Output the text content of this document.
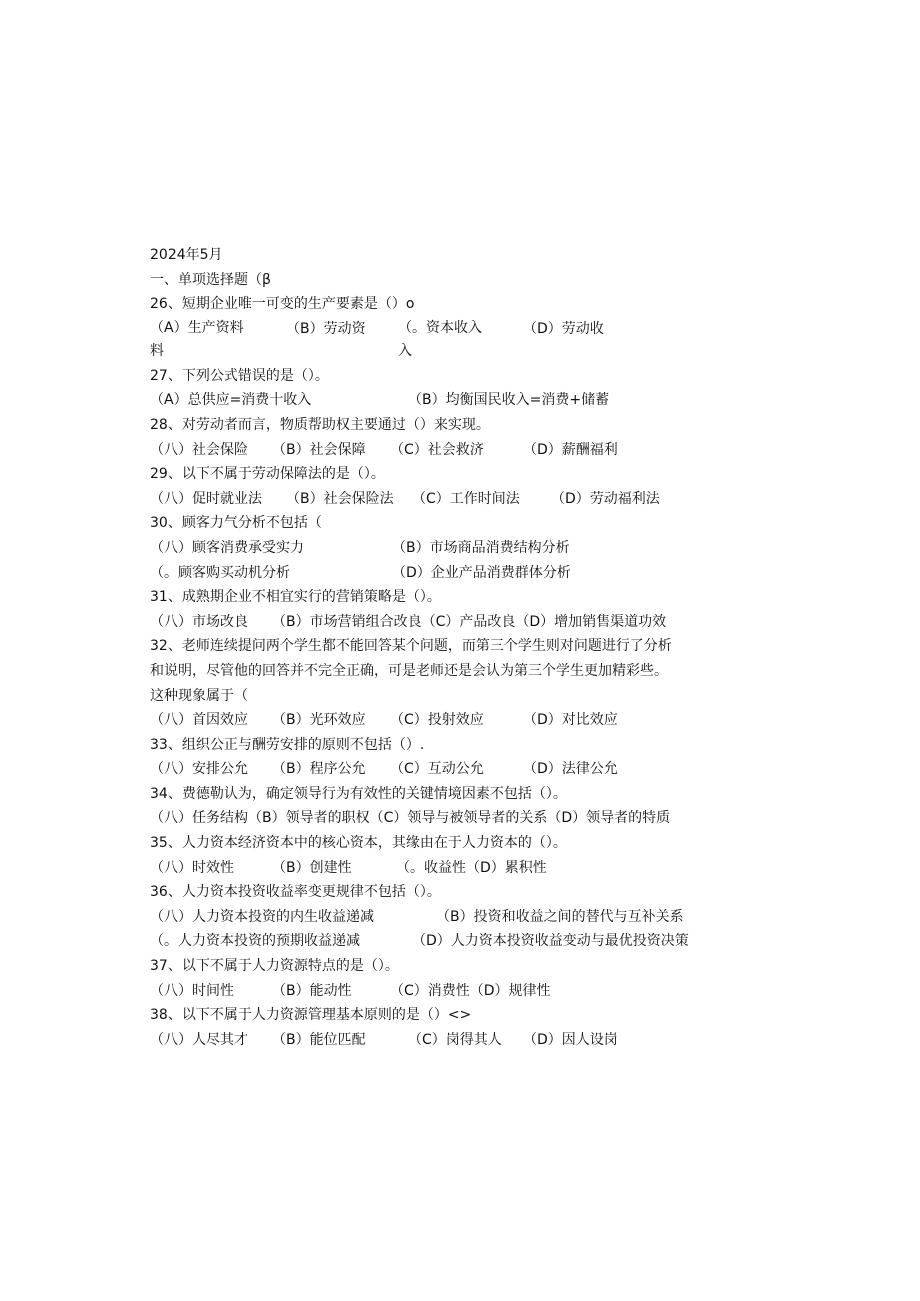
2024年5月
一、单项选择题（β
26、短期企业唯一可变的生产要素是（）o
（A）生产资料
料
（B）劳动资 （。资本收入
入
（D）劳动收
27、下列公式错误的是（）。
（A）总供应=消费十收入	（B）均衡国民收入=消费+储蓄
28、对劳动者而言，物质帮助权主要通过（）来实现。
（八）社会保险 （B）社会保障 （C）社会救济	（D）薪酬福利
29、以下不属于劳动保障法的是（）。
（八）促时就业法 （B）社会保险法 （C）工作时间法 （D）劳动福利法
30、顾客力气分析不包括（
（八）顾客消费承受实力	（B）市场商品消费结构分析
（。顾客购买动机分析	（D）企业产品消费群体分析
31、成熟期企业不相宜实行的营销策略是（）。
（八）市场改良 （B）市场营销组合改良（C）产品改良（D）增加销售渠道功效
32、老师连续提问两个学生都不能回答某个问题，而第三个学生则对问题进行了分析
和说明，尽管他的回答并不完全正确，可是老师还是会认为第三个学生更加精彩些。
这种现象属于（
（八）首因效应 （B）光环效应 （C）投射效应	（D）对比效应
33、组织公正与酬劳安排的原则不包括（）.
（八）安排公允 （B）程序公允 （C）互动公允	（D）法律公允
34、费德勒认为，确定领导行为有效性的关键情境因素不包括（）。
（八）任务结构（B）领导者的职权（C）领导与被领导者的关系（D）领导者的特质
35、人力资本经济资本中的核心资本，其缘由在于人力资本的（）。
（八）时效性	（B）创建性	（。收益性（D）累积性
36、人力资本投资收益率变更规律不包括（）。
（八）人力资本投资的内生收益递减	（B）投资和收益之间的替代与互补关系
（。人力资本投资的预期收益递减	（D）人力资本投资收益变动与最优投资决策
37、以下不属于人力资源特点的是（）。
（八）时间性	（B）能动性	（C）消费性（D）规律性
38、以下不属于人力资源管理基本原则的是（）<>
（八）人尽其才 （B）能位匹配	（C）岗得其人 （D）因人设岗
